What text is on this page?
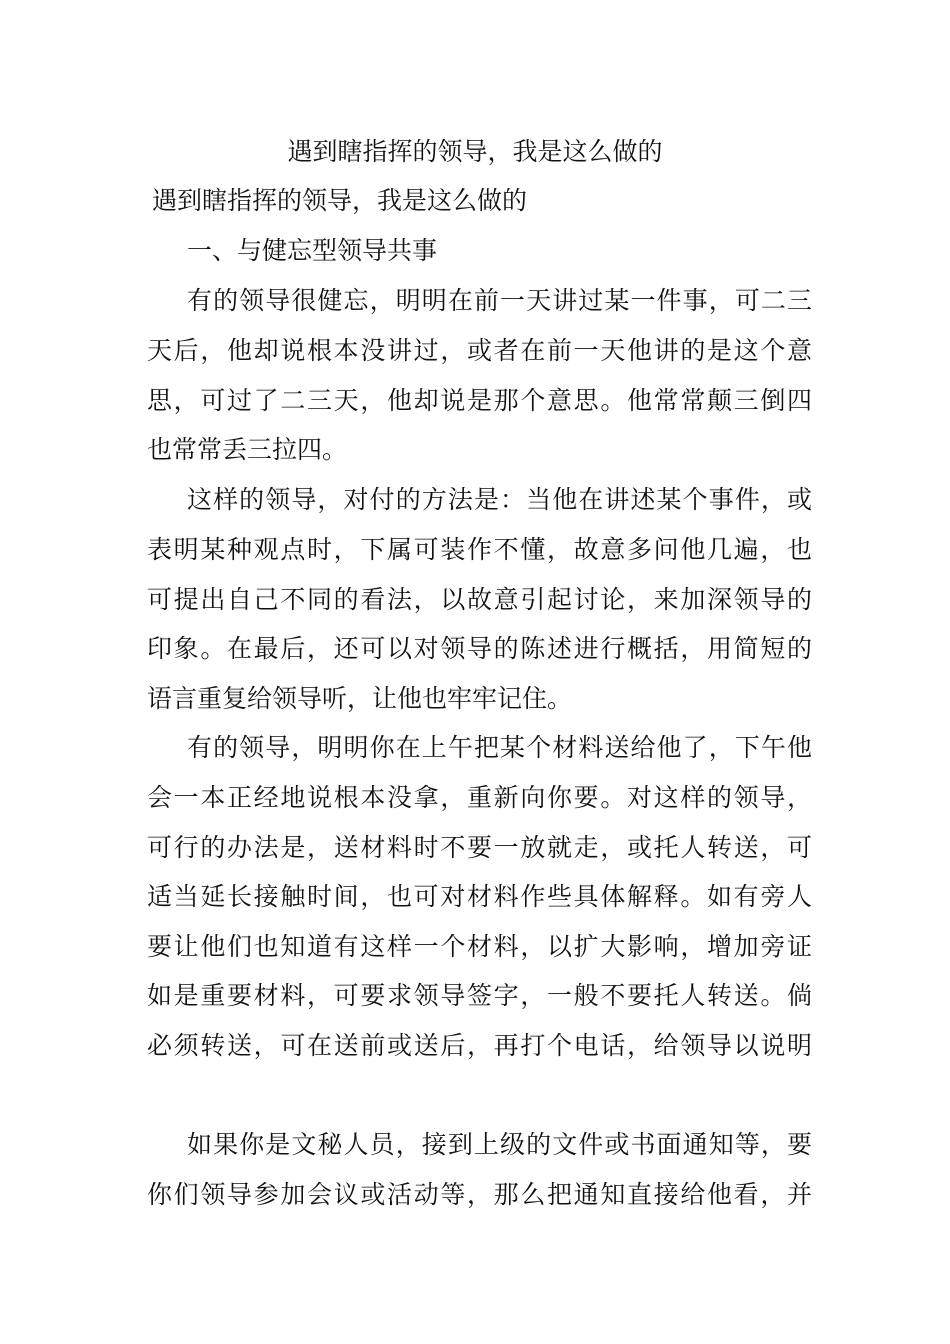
遇到瞎指挥的领导，我是这么做的
遇到瞎指挥的领导，我是这么做的
一、与健忘型领导共事
有的领导很健忘，明明在前一天讲过某一件事，可二三
天后，他却说根本没讲过，或者在前一天他讲的是这个意
思，可过了二三天，他却说是那个意思。他常常颠三倒四
也常常丢三拉四。
这样的领导，对付的方法是：当他在讲述某个事件，或
表明某种观点时，下属可装作不懂，故意多问他几遍，也
可提出自己不同的看法，以故意引起讨论，来加深领导的
印象。在最后，还可以对领导的陈述进行概括，用简短的
语言重复给领导听，让他也牢牢记住。
有的领导，明明你在上午把某个材料送给他了，下午他
会一本正经地说根本没拿，重新向你要。对这样的领导，
可行的办法是，送材料时不要一放就走，或托人转送，可
适当延长接触时间，也可对材料作些具体解释。如有旁人
要让他们也知道有这样一个材料，以扩大影响，增加旁证
如是重要材料，可要求领导签字，一般不要托人转送。倘
必须转送，可在送前或送后，再打个电话，给领导以说明
如果你是文秘人员，接到上级的文件或书面通知等，要
你们领导参加会议或活动等，那么把通知直接给他看，并
